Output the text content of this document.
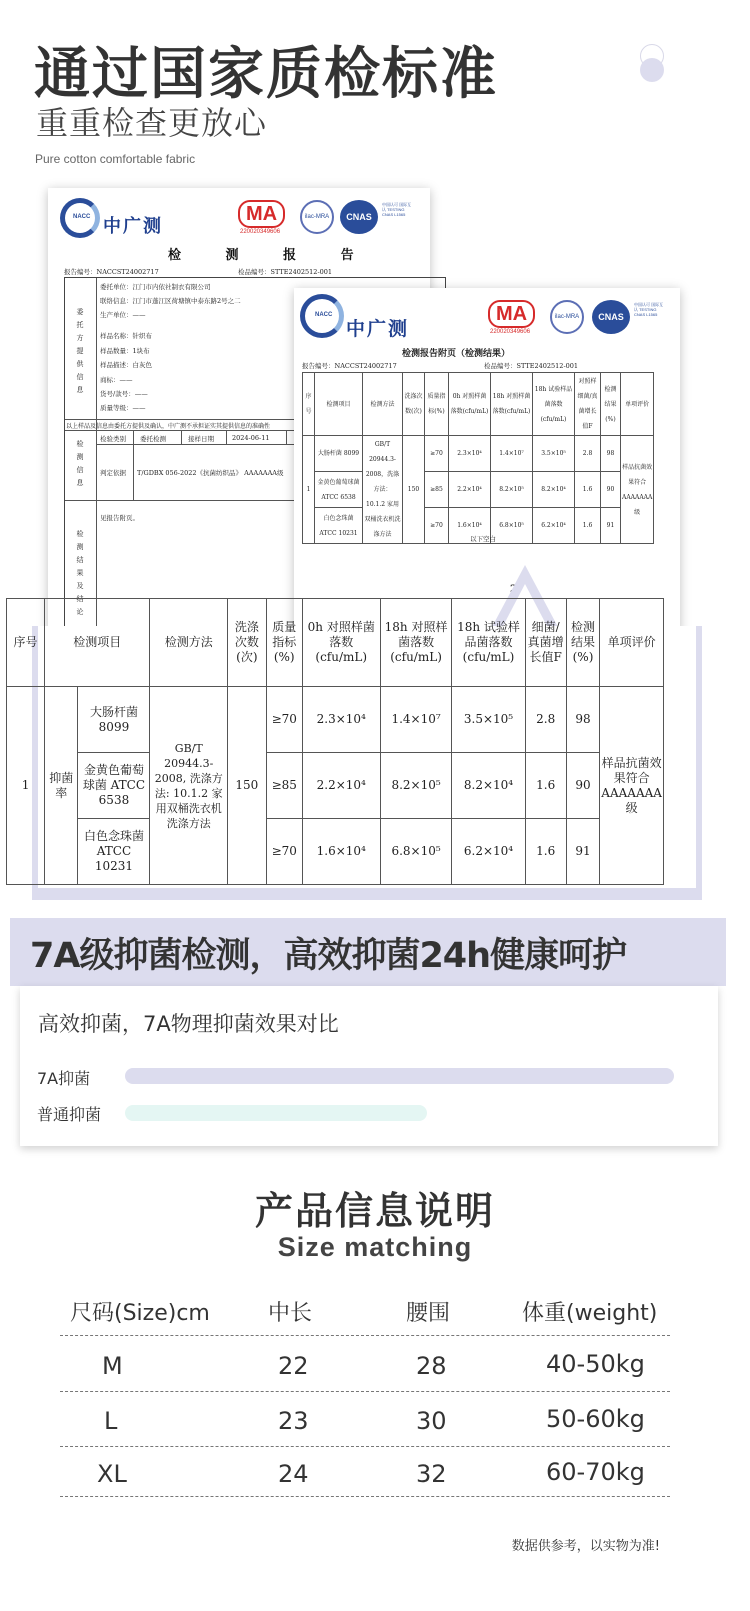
通过国家质检标准
重重检查更放心
Pure cotton comfortable fabric
NACC 中广测
MA
220020349606
ilac-MRA	CNAS
中国认可 国际互认 TESTING CNAS L1565
检 测 报 告
报告编号：NACCST24002717	检品编号：STTE2402512-001
委托方提供信息
检测信息
检测结果及结论
委托单位：江门市内依社制衣有限公司
联络信息：江门市蓬江区荷塘镇中泰东路2号之二
生产单位：——
样品名称：针织布
样品数量：1块布
样品描述：白灰色
商标：——
货号/款号：——
质量等级：——
以上样品及信息由委托方提供及确认，中广测不承担证实其提供信息的准确性
检验类别 委托检测	接样日期	2024-06-11
判定依据 T/GDBX 056-2022《抗菌纺织品》 AAAAAAA级
见报告附页。
NACC
中广测
MA
220020349606
ilac-MRA	CNAS
中国认可 国际互认 TESTING CNAS L1565
检测报告附页（检测结果）
报告编号：NACCST24002717	检品编号：STTE2402512-001
序号	检测项目	检测方法	洗涤次数(次)	质量指标(%)	0h 对照样菌落数(cfu/mL)	18h 对照样菌落数(cfu/mL)	18h 试验样品菌落数(cfu/mL)	对照样细菌/真菌增长值F	检测结果(%)	单项评价
1	大肠杆菌 8099	GB/T 20944.3-2008，洗涤方法：10.1.2 家用双桶洗衣机洗涤方法	150	≥70	2.3×10⁴	1.4×10⁷	3.5×10⁵	2.8	98	样品抗菌效果符合AAAAAAA级
	金黄色葡萄球菌 ATCC 6538			≥85	2.2×10⁴	8.2×10⁵	8.2×10⁴	1.6	90	
	白色念珠菌 ATCC 10231			≥70	1.6×10⁴	6.8×10⁵	6.2×10⁴	1.6	91	
以下空白
2/2
序号	检测项目		检测方法	洗涤次数(次)	质量指标(%)	0h 对照样菌落数(cfu/mL)	18h 对照样菌落数(cfu/mL)	18h 试验样品菌落数(cfu/mL)	细菌/真菌增长值F	检测结果(%)	单项评价
1	抑菌率	大肠杆菌 8099	GB/T 20944.3-2008, 洗涤方法: 10.1.2 家用双桶洗衣机洗涤方法	150	≥70	2.3×10⁴	1.4×10⁷	3.5×10⁵	2.8	98	样品抗菌效果符合AAAAAAA级
		金黄色葡萄球菌 ATCC 6538			≥85	2.2×10⁴	8.2×10⁵	8.2×10⁴	1.6	90	
		白色念珠菌 ATCC 10231			≥70	1.6×10⁴	6.8×10⁵	6.2×10⁴	1.6	91	
7A级抑菌检测，高效抑菌24h健康呵护
高效抑菌，7A物理抑菌效果对比
7A抑菌
普通抑菌
产品信息说明
Size matching
尺码(Size)cm	中长	腰围	体重(weight)
M	22	28	40-50kg
L	23	30	50-60kg
XL	24	32	60-70kg
数据供参考，以实物为准!
